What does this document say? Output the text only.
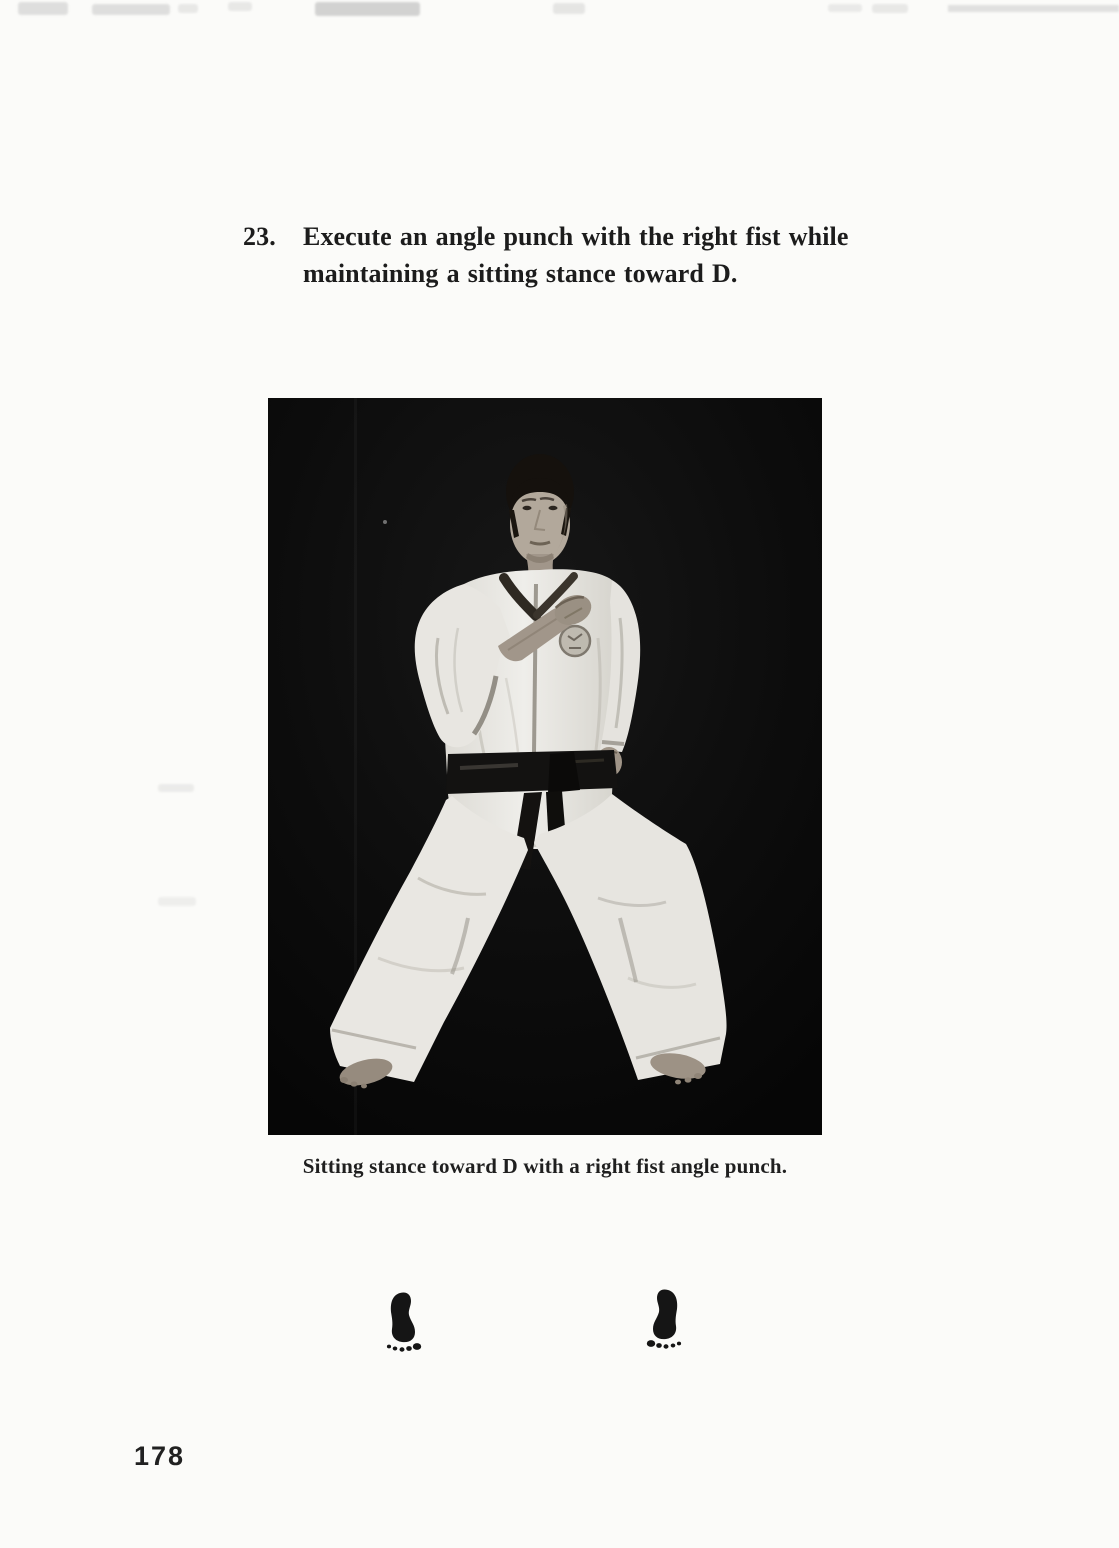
23.	Execute an angle punch with the right fist while
maintaining a sitting stance toward D.

Sitting stance toward D with a right fist angle punch.

178
